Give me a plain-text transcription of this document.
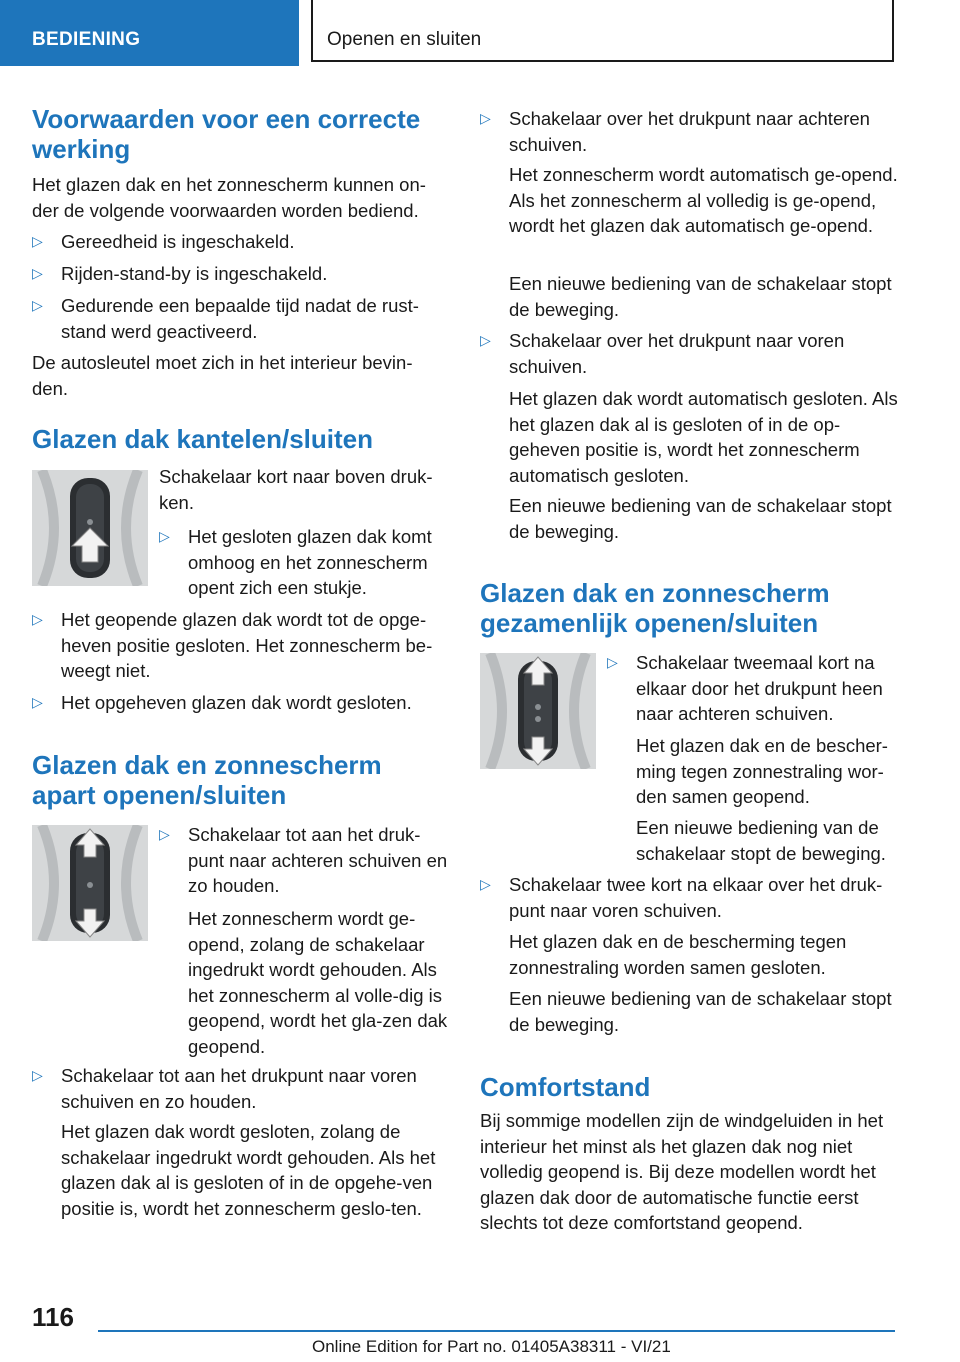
BEDIENING	Openen en sluiten
Voorwaarden voor een correcte werking

Het glazen dak en het zonnescherm kunnen on-der de volgende voorwaarden worden bediend.

▷ Gereedheid is ingeschakeld.
▷ Rijden-stand-by is ingeschakeld.
▷ Gedurende een bepaalde tijd nadat de rust-stand werd geactiveerd.

De autosleutel moet zich in het interieur bevin-den.

Glazen dak kantelen/sluiten

Schakelaar kort naar boven druk-ken.

▷ Het gesloten glazen dak komt omhoog en het zonnescherm opent zich een stukje.
▷ Het geopende glazen dak wordt tot de opge-heven positie gesloten. Het zonnescherm be-weegt niet.
▷ Het opgeheven glazen dak wordt gesloten.
Glazen dak en zonnescherm apart openen/sluiten
▷ Schakelaar tot aan het druk-punt naar achteren schuiven en zo houden.

Het zonnescherm wordt ge-opend, zolang de schakelaar ingedrukt wordt gehouden. Als het zonnescherm al volle-dig is geopend, wordt het gla-zen dak geopend.

▷ Schakelaar tot aan het drukpunt naar voren schuiven en zo houden.

Het glazen dak wordt gesloten, zolang de schakelaar ingedrukt wordt gehouden. Als het glazen dak al is gesloten of in de opgehe-ven positie is, wordt het zonnescherm geslo-ten.

▷ Schakelaar over het drukpunt naar achteren schuiven.

Het zonnescherm wordt automatisch ge-opend. Als het zonnescherm al volledig is ge-opend, wordt het glazen dak automatisch ge-opend.

Een nieuwe bediening van de schakelaar stopt de beweging.

▷ Schakelaar over het drukpunt naar voren schuiven.

Het glazen dak wordt automatisch gesloten. Als het glazen dak al is gesloten of in de op-geheven positie is, wordt het zonnescherm automatisch gesloten.

Een nieuwe bediening van de schakelaar stopt de beweging.

Glazen dak en zonnescherm gezamenlijk openen/sluiten
▷ Schakelaar tweemaal kort na elkaar door het drukpunt heen naar achteren schuiven.

Het glazen dak en de bescher-ming tegen zonnestraling wor-den samen geopend.

Een nieuwe bediening van de schakelaar stopt de beweging.

▷ Schakelaar twee kort na elkaar over het druk-punt naar voren schuiven.

Het glazen dak en de bescherming tegen zonnestraling worden samen gesloten.

Een nieuwe bediening van de schakelaar stopt de beweging.

Comfortstand

Bij sommige modellen zijn de windgeluiden in het interieur het minst als het glazen dak nog niet volledig geopend is. Bij deze modellen wordt het glazen dak door de automatische functie eerst slechts tot deze comfortstand geopend.

116
Online Edition for Part no. 01405A38311 - VI/21
